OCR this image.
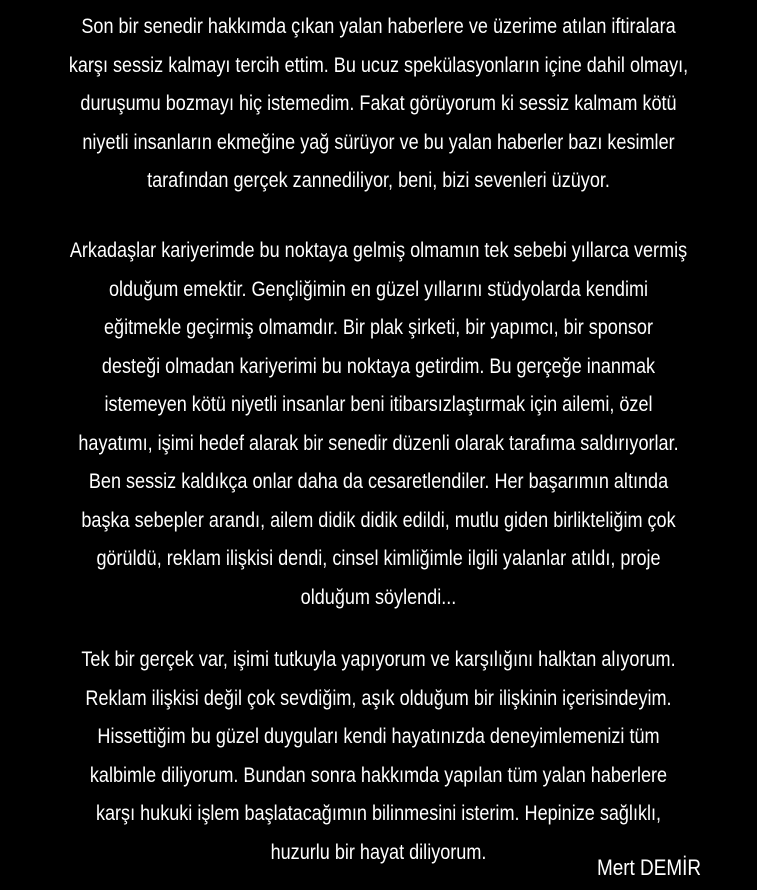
Son bir senedir hakkımda çıkan yalan haberlere ve üzerime atılan iftiralara
karşı sessiz kalmayı tercih ettim. Bu ucuz spekülasyonların içine dahil olmayı,
duruşumu bozmayı hiç istemedim. Fakat görüyorum ki sessiz kalmam kötü
niyetli insanların ekmeğine yağ sürüyor ve bu yalan haberler bazı kesimler
tarafından gerçek zannediliyor, beni, bizi sevenleri üzüyor.
Arkadaşlar kariyerimde bu noktaya gelmiş olmamın tek sebebi yıllarca vermiş
olduğum emektir. Gençliğimin en güzel yıllarını stüdyolarda kendimi
eğitmekle geçirmiş olmamdır. Bir plak şirketi, bir yapımcı, bir sponsor
desteği olmadan kariyerimi bu noktaya getirdim. Bu gerçeğe inanmak
istemeyen kötü niyetli insanlar beni itibarsızlaştırmak için ailemi, özel
hayatımı, işimi hedef alarak bir senedir düzenli olarak tarafıma saldırıyorlar.
Ben sessiz kaldıkça onlar daha da cesaretlendiler. Her başarımın altında
başka sebepler arandı, ailem didik didik edildi, mutlu giden birlikteliğim çok
görüldü, reklam ilişkisi dendi, cinsel kimliğimle ilgili yalanlar atıldı, proje
olduğum söylendi...
Tek bir gerçek var, işimi tutkuyla yapıyorum ve karşılığını halktan alıyorum.
Reklam ilişkisi değil çok sevdiğim, aşık olduğum bir ilişkinin içerisindeyim.
Hissettiğim bu güzel duyguları kendi hayatınızda deneyimlemenizi tüm
kalbimle diliyorum. Bundan sonra hakkımda yapılan tüm yalan haberlere
karşı hukuki işlem başlatacağımın bilinmesini isterim. Hepinize sağlıklı,
huzurlu bir hayat diliyorum.

Mert DEMİR
